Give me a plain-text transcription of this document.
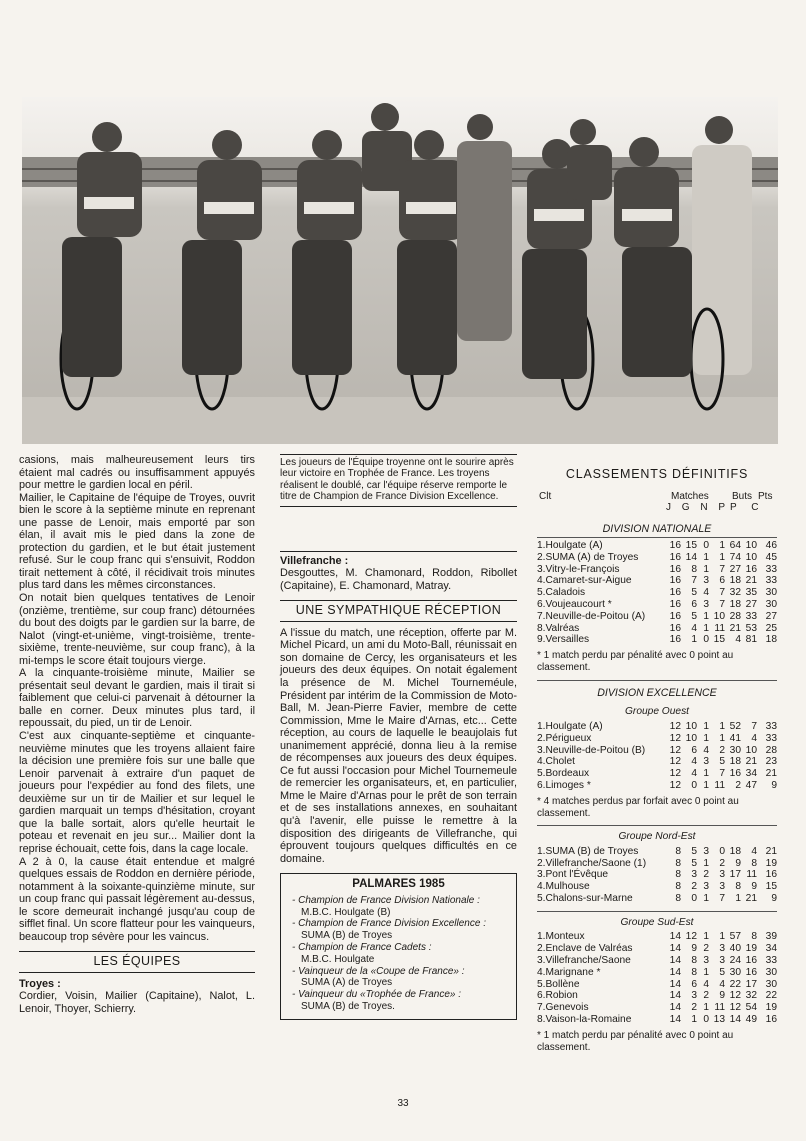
casions, mais malheureusement leurs tirs étaient mal cadrés ou insuffisamment appuyés pour mettre le gardien local en péril.

Mailier, le Capitaine de l'équipe de Troyes, ouvrit bien le score à la septième minute en reprenant une passe de Lenoir, mais emporté par son élan, il avait mis le pied dans la zone de protection du gardien, et le but était justement refusé. Sur le coup franc qui s'ensuivit, Roddon tirait nettement à côté, il récidivait trois minutes plus tard dans les mêmes circonstances.

On notait bien quelques tentatives de Lenoir (onzième, trentième, sur coup franc) détournées du bout des doigts par le gardien sur la barre, de Nalot (vingt-et-unième, vingt-troisième, trente-sixième, trente-neuvième, sur coup franc), à la mi-temps le score était toujours vierge.

A la cinquante-troisième minute, Mailier se présentait seul devant le gardien, mais il tirait si faiblement que celui-ci parvenait à détourner la balle en corner. Deux minutes plus tard, il repoussait, du pied, un tir de Lenoir.

C'est aux cinquante-septième et cinquante-neuvième minutes que les troyens allaient faire la décision une première fois sur une balle que Lenoir parvenait à extraire d'un paquet de joueurs pour l'expédier au fond des filets, une deuxième sur un tir de Mailier et sur lequel le gardien marquait un temps d'hésitation, croyant que la balle sortait, alors qu'elle heurtait le poteau et revenait en jeu sur... Mailier dont la reprise échouait, cette fois, dans la cage locale.

A 2 à 0, la cause était entendue et malgré quelques essais de Roddon en dernière période, notamment à la soixante-quinzième minute, sur un coup franc qui passait légèrement au-dessus, le score demeurait inchangé jusqu'au coup de sifflet final. Un score flatteur pour les vainqueurs, beaucoup trop sévère pour les vaincus.

LES ÉQUIPES
Troyes :

Cordier, Voisin, Mailier (Capitaine), Nalot, L. Lenoir, Thoyer, Schierry.

Les joueurs de l'Équipe troyenne ont le sourire après leur victoire en Trophée de France. Les troyens réalisent le doublé, car l'équipe réserve remporte le titre de Champion de France Division Excellence.
Villefranche :

Desgouttes, M. Chamonard, Roddon, Ribollet (Capitaine), E. Chamonard, Matray.

UNE SYMPATHIQUE RÉCEPTION

A l'issue du match, une réception, offerte par M. Michel Picard, un ami du Moto-Ball, réunissait en son domaine de Cercy, les organisateurs et les joueurs des deux équipes. On notait également la présence de M. Michel Tourneméule, Président par intérim de la Commission de Moto-Ball, M. Jean-Pierre Favier, membre de cette Commission, Mme le Maire d'Arnas, etc... Cette réception, au cours de laquelle le beaujolais fut unanimement apprécié, donna lieu à la remise de récompenses aux joueurs des deux équipes. Ce fut aussi l'occasion pour Michel Tournemeule de remercier les organisateurs, et, en particulier, Mme le Maire d'Arnas pour le prêt de son terrain et de ses installations annexes, en souhaitant qu'à l'avenir, elle puisse le remettre à la disposition des dirigeants de Villefranche, qui éprouvent toujours quelques difficultés en ce domaine.

PALMARES 1985
- Champion de France Division Nationale :
M.B.C. Houlgate (B)
- Champion de France Division Excellence :
SUMA (B) de Troyes
- Champion de France Cadets :
M.B.C. Houlgate
- Vainqueur de la «Coupe de France» :
SUMA (A) de Troyes
- Vainqueur du «Trophée de France» :
SUMA (B) de Troyes.
CLASSEMENTS DÉFINITIFS
Clt	Matches
J G N P
Buts
P C
Pts
DIVISION NATIONALE
1.Houlgate (A)	16	15	0	1	64	10	46
2.SUMA (A) de Troyes	16	14	1	1	74	10	45
3.Vitry-le-François	16	8	1	7	27	16	33
4.Camaret-sur-Aigue	16	7	3	6	18	21	33
5.Caladois	16	5	4	7	32	35	30
6.Voujeaucourt *	16	6	3	7	18	27	30
7.Neuville-de-Poitou (A)	16	5	1	10	28	33	27
8.Valréas	16	4	1	11	21	53	25
9.Versailles	16	1	0	15	4	81	18
* 1 match perdu par pénalité avec 0 point au classement.
DIVISION EXCELLENCE
Groupe Ouest
1.Houlgate (A)	12	10	1	1	52	7	33
2.Périgueux	12	10	1	1	41	4	33
3.Neuville-de-Poitou (B)	12	6	4	2	30	10	28
4.Cholet	12	4	3	5	18	21	23
5.Bordeaux	12	4	1	7	16	34	21
6.Limoges *	12	0	1	11	2	47	9
* 4 matches perdus par forfait avec 0 point au classement.
Groupe Nord-Est
1.SUMA (B) de Troyes	8	5	3	0	18	4	21
2.Villefranche/Saone (1)	8	5	1	2	9	8	19
3.Pont l'Évêque	8	3	2	3	17	11	16
4.Mulhouse	8	2	3	3	8	9	15
5.Chalons-sur-Marne	8	0	1	7	1	21	9
Groupe Sud-Est
1.Monteux	14	12	1	1	57	8	39
2.Enclave de Valréas	14	9	2	3	40	19	34
3.Villefranche/Saone	14	8	3	3	24	16	33
4.Marignane *	14	8	1	5	30	16	30
5.Bollène	14	6	4	4	22	17	30
6.Robion	14	3	2	9	12	32	22
7.Genevois	14	2	1	11	12	54	19
8.Vaison-la-Romaine	14	1	0	13	14	49	16
* 1 match perdu par pénalité avec 0 point au classement.
33
